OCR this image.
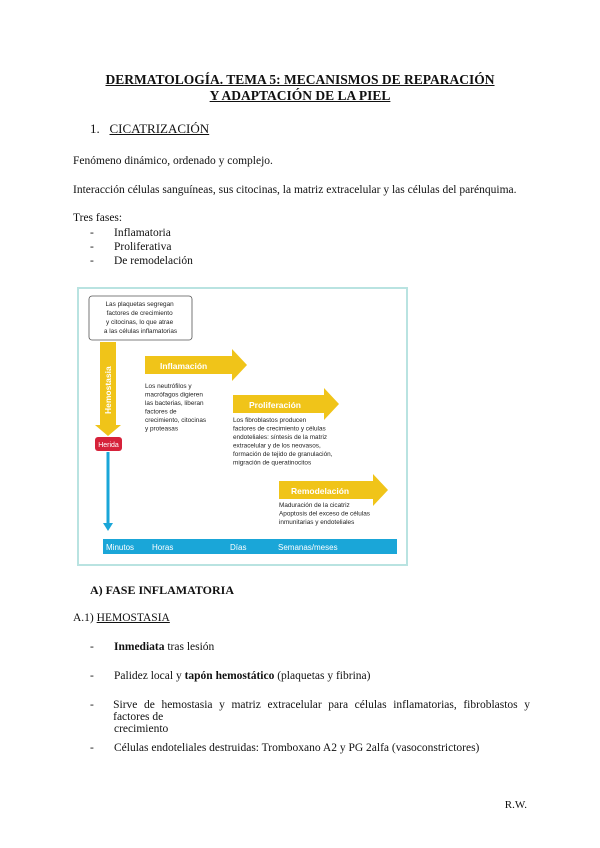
DERMATOLOGÍA. TEMA 5: MECANISMOS DE REPARACIÓN
Y ADAPTACIÓN DE LA PIEL
1. CICATRIZACIÓN
Fenómeno dinámico, ordenado y complejo.
Interacción células sanguíneas, sus citocinas, la matriz extracelular y las células del parénquima.
Tres fases:
- Inflamatoria
- Proliferativa
- De remodelación
Las plaquetas segregan factores de crecimiento y citocinas, lo que atrae a las células inflamatorias
Hemostasia
Herida
Inflamación
Los neutrófilos y macrófagos digieren las bacterias, liberan factores de crecimiento, citocinas y proteasas
Proliferación
Los fibroblastos producen factores de crecimiento y células endoteliales: síntesis de la matriz extracelular y de los neovasos, formación de tejido de granulación, migración de queratinocitos
Remodelación
Maduración de la cicatriz Apoptosis del exceso de células inmunitarias y endoteliales
Minutos Horas	Días	Semanas/meses
A) FASE INFLAMATORIA
A.1) HEMOSTASIA
- Inmediata tras lesión
- Palidez local y tapón hemostático (plaquetas y fibrina)
-	Sirve de hemostasia y matriz extracelular para células inflamatorias, fibroblastos y factores de
crecimiento
- Células endoteliales destruidas: Tromboxano A2 y PG 2alfa (vasoconstrictores)
R.W.
